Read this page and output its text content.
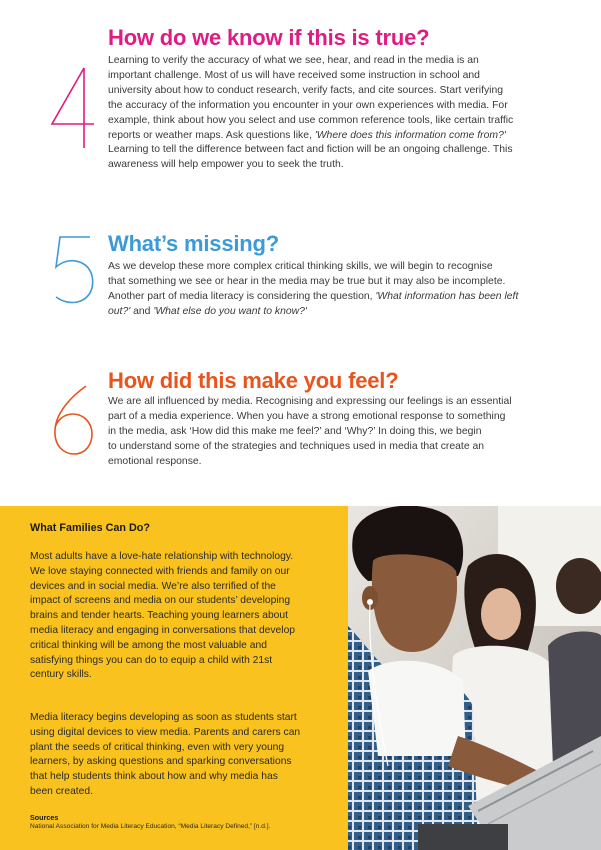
How do we know if this is true?
Learning to verify the accuracy of what we see, hear, and read in the media is an
important challenge. Most of us will have received some instruction in school and
university about how to conduct research, verify facts, and cite sources. Start verifying
the accuracy of the information you encounter in your own experiences with media. For
example, think about how you select and use common reference tools, like certain traffic
reports or weather maps. Ask questions like, 'Where does this information come from?'
Learning to tell the difference between fact and fiction will be an ongoing challenge. This
awareness will help empower you to seek the truth.
What’s missing?
As we develop these more complex critical thinking skills, we will begin to recognise
that something we see or hear in the media may be true but it may also be incomplete.
Another part of media literacy is considering the question, 'What information has been left
out?' and 'What else do you want to know?'
How did this make you feel?
We are all influenced by media. Recognising and expressing our feelings is an essential
part of a media experience. When you have a strong emotional response to something
in the media, ask ‘How did this make me feel?’ and ‘Why?’ In doing this, we begin
to understand some of the strategies and techniques used in media that create an
emotional response.
What Families Can Do?
Most adults have a love-hate relationship with technology.
We love staying connected with friends and family on our
devices and in social media. We’re also terrified of the
impact of screens and media on our students’ developing
brains and tender hearts. Teaching young learners about
media literacy and engaging in conversations that develop
critical thinking will be among the most valuable and
satisfying things you can do to equip a child with 21st
century skills.
Media literacy begins developing as soon as students start
using digital devices to view media. Parents and carers can
plant the seeds of critical thinking, even with very young
learners, by asking questions and sparking conversations
that help students think about how and why media has
been created.
Sources
National Association for Media Literacy Education, “Media Literacy Defined,” [n.d.].
